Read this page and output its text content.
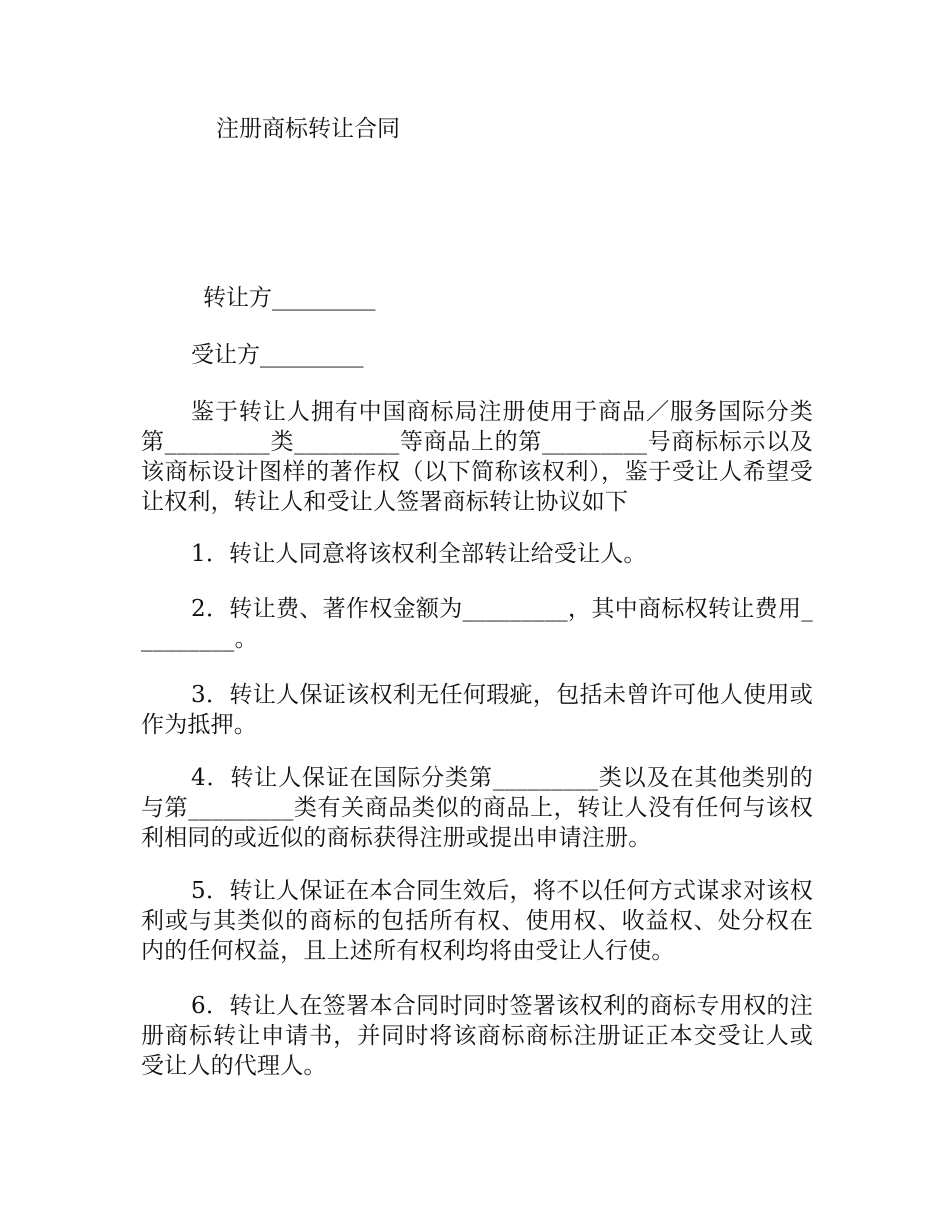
注册商标转让合同
转让方_________
受让方_________
鉴于转让人拥有中国商标局注册使用于商品／服务国际分类第_________类_________等商品上的第_________号商标标示以及该商标设计图样的著作权（以下简称该权利），鉴于受让人希望受让权利，转让人和受让人签署商标转让协议如下
1．转让人同意将该权利全部转让给受让人。
2．转让费、著作权金额为_________，其中商标权转让费用_________。
3．转让人保证该权利无任何瑕疵，包括未曾许可他人使用或作为抵押。
4．转让人保证在国际分类第_________类以及在其他类别的与第_________类有关商品类似的商品上，转让人没有任何与该权利相同的或近似的商标获得注册或提出申请注册。
5．转让人保证在本合同生效后，将不以任何方式谋求对该权利或与其类似的商标的包括所有权、使用权、收益权、处分权在内的任何权益，且上述所有权利均将由受让人行使。
6．转让人在签署本合同时同时签署该权利的商标专用权的注册商标转让申请书，并同时将该商标商标注册证正本交受让人或受让人的代理人。
